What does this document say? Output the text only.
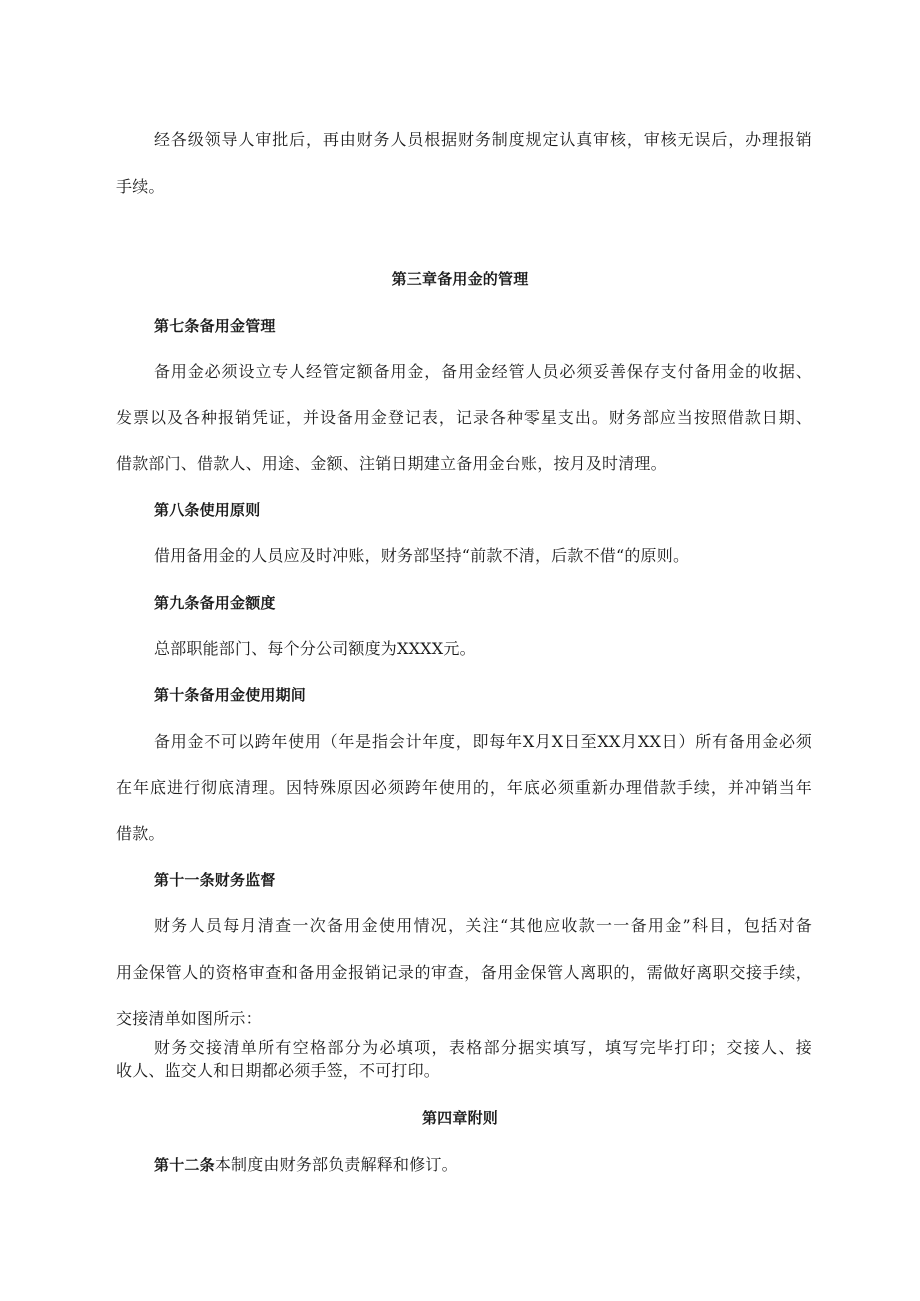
经各级领导人审批后，再由财务人员根据财务制度规定认真审核，审核无误后，办理报销
手续。
第三章备用金的管理
第七条备用金管理
备用金必须设立专人经管定额备用金，备用金经管人员必须妥善保存支付备用金的收据、
发票以及各种报销凭证，并设备用金登记表，记录各种零星支出。财务部应当按照借款日期、
借款部门、借款人、用途、金额、注销日期建立备用金台账，按月及时清理。
第八条使用原则
借用备用金的人员应及时冲账，财务部坚持“前款不清，后款不借“的原则。
第九条备用金额度
总部职能部门、每个分公司额度为XXXX元。
第十条备用金使用期间
备用金不可以跨年使用（年是指会计年度，即每年X月X日至XX月XX日）所有备用金必须
在年底进行彻底清理。因特殊原因必须跨年使用的，年底必须重新办理借款手续，并冲销当年
借款。
第十一条财务监督
财务人员每月清查一次备用金使用情况，关注“其他应收款一一备用金”科目，包括对备
用金保管人的资格审查和备用金报销记录的审查，备用金保管人离职的，需做好离职交接手续，
交接清单如图所示：
财务交接清单所有空格部分为必填项，表格部分据实填写，填写完毕打印；交接人、接
收人、监交人和日期都必须手签，不可打印。
第四章附则
第十二条本制度由财务部负责解释和修订。
